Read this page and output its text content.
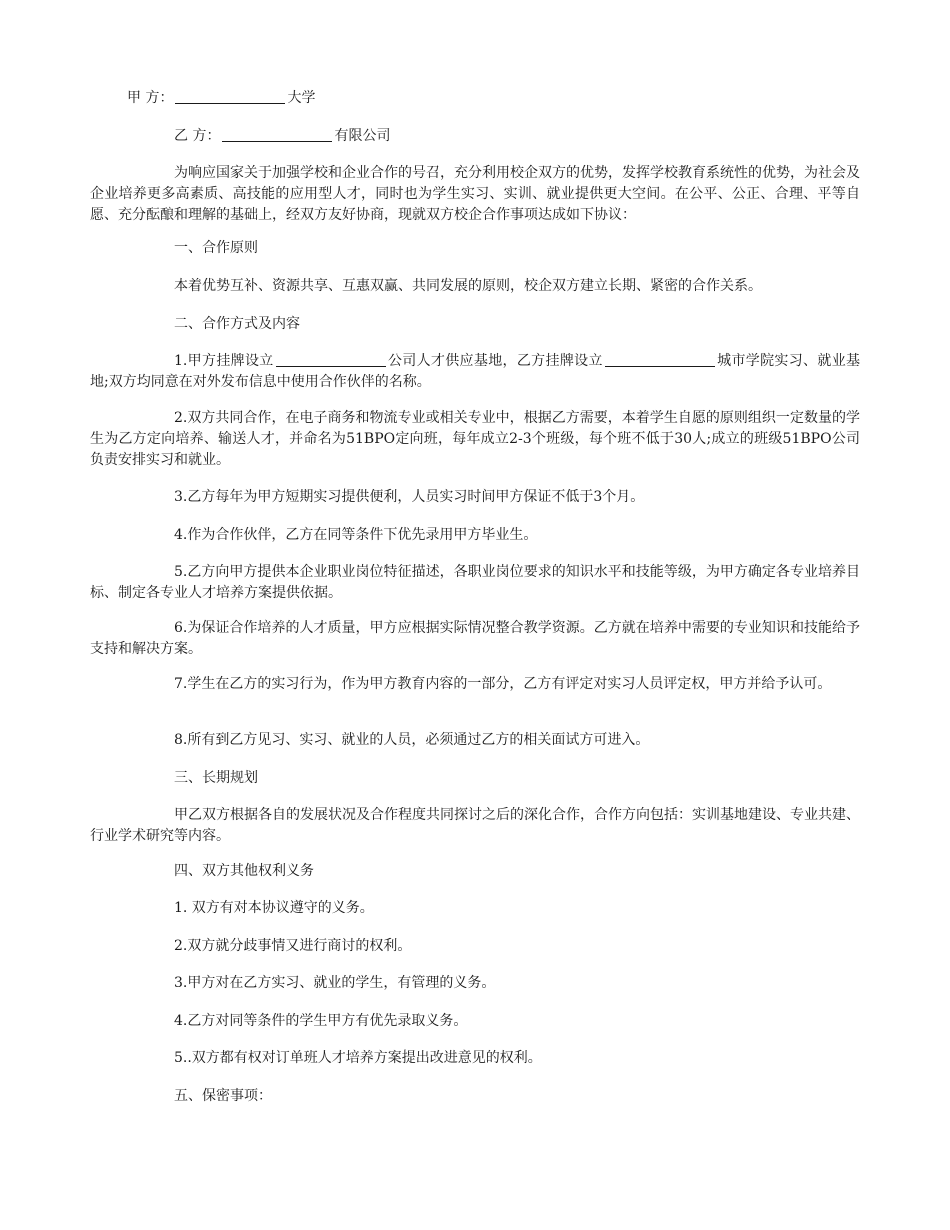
甲 方：	大学
乙 方：	有限公司
为响应国家关于加强学校和企业合作的号召，充分利用校企双方的优势，发挥学校教育系统性的优势，为社会及企业培养更多高素质、高技能的应用型人才，同时也为学生实习、实训、就业提供更大空间。在公平、公正、合理、平等自愿、充分酝酿和理解的基础上，经双方友好协商，现就双方校企合作事项达成如下协议：
一、合作原则
本着优势互补、资源共享、互惠双赢、共同发展的原则，校企双方建立长期、紧密的合作关系。
二、合作方式及内容
1.甲方挂牌设立	公司人才供应基地，乙方挂牌设立	城市学院实习、就业基地;双方均同意在对外发布信息中使用合作伙伴的名称。
2.双方共同合作，在电子商务和物流专业或相关专业中，根据乙方需要，本着学生自愿的原则组织一定数量的学生为乙方定向培养、输送人才，并命名为51BPO定向班，每年成立2-3个班级，每个班不低于30人;成立的班级51BPO公司负责安排实习和就业。
3.乙方每年为甲方短期实习提供便利，人员实习时间甲方保证不低于3个月。
4.作为合作伙伴，乙方在同等条件下优先录用甲方毕业生。
5.乙方向甲方提供本企业职业岗位特征描述，各职业岗位要求的知识水平和技能等级，为甲方确定各专业培养目标、制定各专业人才培养方案提供依据。
6.为保证合作培养的人才质量，甲方应根据实际情况整合教学资源。乙方就在培养中需要的专业知识和技能给予支持和解决方案。
7.学生在乙方的实习行为，作为甲方教育内容的一部分，乙方有评定对实习人员评定权，甲方并给予认可。
8.所有到乙方见习、实习、就业的人员，必须通过乙方的相关面试方可进入。
三、长期规划
甲乙双方根据各自的发展状况及合作程度共同探讨之后的深化合作，合作方向包括：实训基地建设、专业共建、行业学术研究等内容。
四、双方其他权利义务
1. 双方有对本协议遵守的义务。
2.双方就分歧事情又进行商讨的权利。
3.甲方对在乙方实习、就业的学生，有管理的义务。
4.乙方对同等条件的学生甲方有优先录取义务。
5..双方都有权对订单班人才培养方案提出改进意见的权利。
五、保密事项：
